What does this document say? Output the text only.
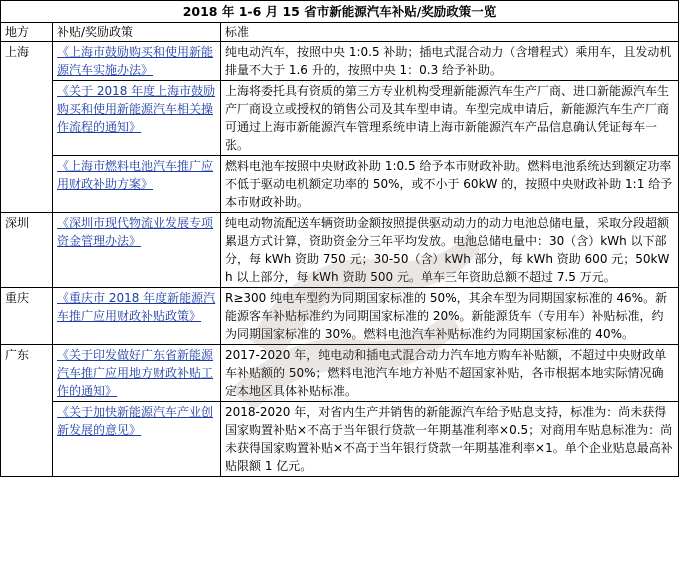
2018 年 1-6 月 15 省市新能源汽车补贴/奖励政策一览		
地方	补贴/奖励政策	标准
上海	《上海市鼓励购买和使用新能源汽车实施办法》	纯电动汽车，按照中央 1:0.5 补助；插电式混合动力（含增程式）乘用车，且发动机排量不大于 1.6 升的，按照中央 1：0.3 给予补助。

	《关于 2018 年度上海市鼓励购买和使用新能源汽车相关操作流程的通知》	上海将委托具有资质的第三方专业机构受理新能源汽车生产厂商、进口新能源汽车生产厂商设立或授权的销售公司及其车型申请。车型完成申请后，新能源汽车生产厂商可通过上海市新能源汽车管理系统申请上海市新能源汽车产品信息确认凭证每车一张。

	《上海市燃料电池汽车推广应用财政补助方案》	燃料电池车按照中央财政补助 1:0.5 给予本市财政补助。燃料电池系统达到额定功率不低于驱动电机额定功率的 50%，或不小于 60kW 的，按照中央财政补助 1:1 给予本市财政补助。
深圳	《深圳市现代物流业发展专项资金管理办法》	纯电动物流配送车辆资助金额按照提供驱动动力的动力电池总储电量，采取分段超额累退方式计算，资助资金分三年平均发放。电池总储电量中：30（含）kWh 以下部分，每 kWh 资助 750 元；30-50（含）kWh 部分，每 kWh 资助 600 元；50kWh 以上部分，每 kWh 资助 500 元。单车三年资助总额不超过 7.5 万元。
重庆	《重庆市 2018 年度新能源汽车推广应用财政补贴政策》	R≥300 纯电车型约为同期国家标准的 50%，其余车型为同期国家标准的 46%。新能源客车补贴标准约为同期国家标准的 20%。新能源货车（专用车）补贴标准，约为同期国家标准的 30%。燃料电池汽车补贴标准约为同期国家标准的 40%。
广东	《关于印发做好广东省新能源汽车推广应用地方财政补贴工作的通知》	2017-2020 年，纯电动和插电式混合动力汽车地方购车补贴额，不超过中央财政单车补贴额的 50%；燃料电池汽车地方补贴不超国家补贴，各市根据本地实际情况确定本地区具体补贴标准。

	《关于加快新能源汽车产业创新发展的意见》	2018-2020 年，对省内生产并销售的新能源汽车给予贴息支持，标准为：尚未获得国家购置补贴×不高于当年银行贷款一年期基准利率×0.5；对商用车贴息标准为：尚未获得国家购置补贴×不高于当年银行贷款一年期基准利率×1。单个企业贴息最高补贴限额 1 亿元。
